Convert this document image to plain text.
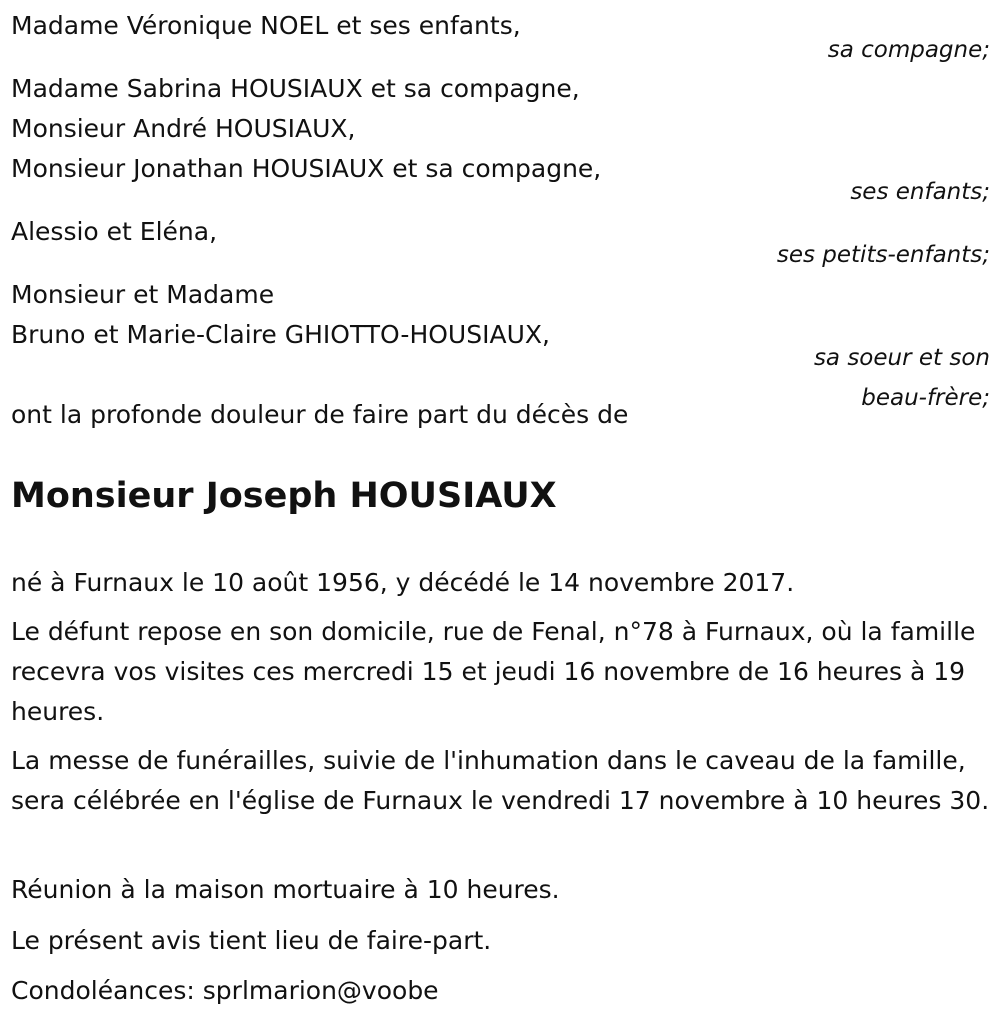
Madame Véronique NOEL et ses enfants,
sa compagne;
Madame Sabrina HOUSIAUX et sa compagne,
Monsieur André HOUSIAUX,
Monsieur Jonathan HOUSIAUX et sa compagne,
ses enfants;
Alessio et Eléna,
ses petits-enfants;
Monsieur et Madame
Bruno et Marie-Claire GHIOTTO-HOUSIAUX,
sa soeur et son
beau-frère;
ont la profonde douleur de faire part du décès de
Monsieur Joseph HOUSIAUX
né à Furnaux le 10 août 1956, y décédé le 14 novembre 2017.
Le défunt repose en son domicile, rue de Fenal, n°78 à Furnaux, où la famille recevra vos visites ces mercredi 15 et jeudi 16 novembre de 16 heures à 19 heures.
La messe de funérailles, suivie de l'inhumation dans le caveau de la famille, sera célébrée en l'église de Furnaux le vendredi 17 novembre à 10 heures 30.
Réunion à la maison mortuaire à 10 heures.
Le présent avis tient lieu de faire-part.
Condoléances: sprlmarion@voobe
